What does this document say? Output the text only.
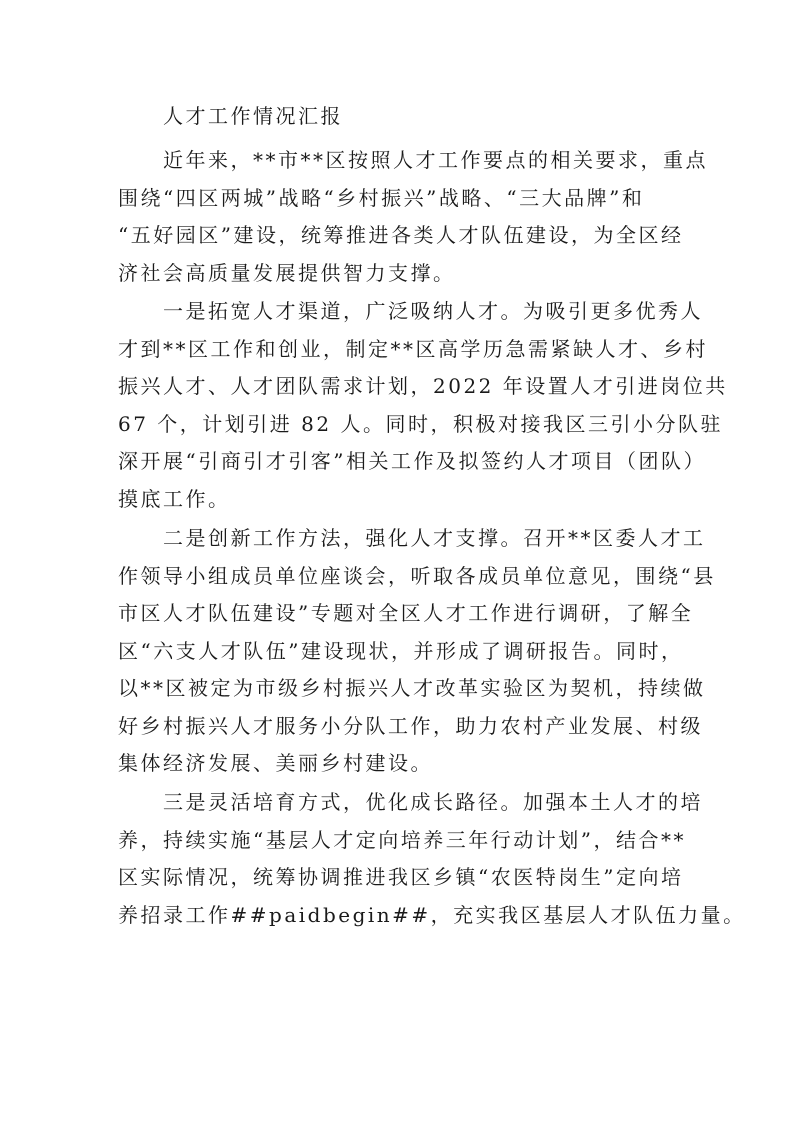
人才工作情况汇报

近年来，**市**区按照人才工作要点的相关要求，重点
围绕“四区两城”战略“乡村振兴”战略、“三大品牌”和
“五好园区”建设，统筹推进各类人才队伍建设，为全区经
济社会高质量发展提供智力支撑。

一是拓宽人才渠道，广泛吸纳人才。为吸引更多优秀人
才到**区工作和创业，制定**区高学历急需紧缺人才、乡村
振兴人才、人才团队需求计划，2022 年设置人才引进岗位共
67 个，计划引进 82 人。同时，积极对接我区三引小分队驻
深开展“引商引才引客”相关工作及拟签约人才项目（团队）
摸底工作。

二是创新工作方法，强化人才支撑。召开**区委人才工
作领导小组成员单位座谈会，听取各成员单位意见，围绕“县
市区人才队伍建设”专题对全区人才工作进行调研，了解全
区“六支人才队伍”建设现状，并形成了调研报告。同时，
以**区被定为市级乡村振兴人才改革实验区为契机，持续做
好乡村振兴人才服务小分队工作，助力农村产业发展、村级
集体经济发展、美丽乡村建设。

三是灵活培育方式，优化成长路径。加强本土人才的培
养，持续实施“基层人才定向培养三年行动计划”，结合**
区实际情况，统筹协调推进我区乡镇“农医特岗生”定向培
养招录工作##paidbegin##，充实我区基层人才队伍力量。
